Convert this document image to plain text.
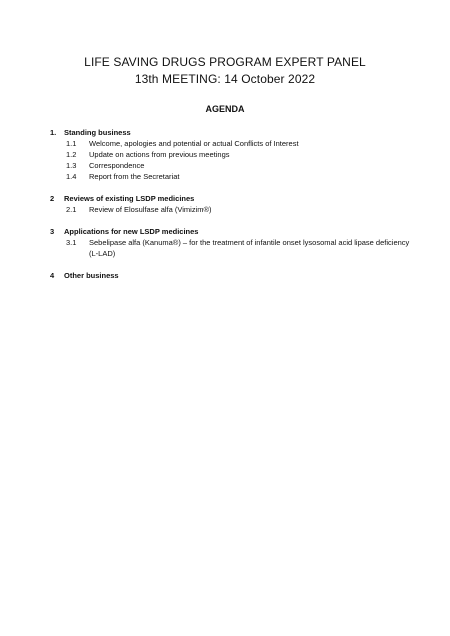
LIFE SAVING DRUGS PROGRAM EXPERT PANEL
13th MEETING: 14 October 2022
AGENDA
1.	Standing business
1.1	Welcome, apologies and potential or actual Conflicts of Interest
1.2	Update on actions from previous meetings
1.3	Correspondence
1.4	Report from the Secretariat
2	Reviews of existing LSDP medicines
2.1	Review of Elosulfase alfa (Vimizim®)
3	Applications for new LSDP medicines
3.1	Sebelipase alfa (Kanuma®) – for the treatment of infantile onset lysosomal acid lipase deficiency (L-LAD)
4	Other business
